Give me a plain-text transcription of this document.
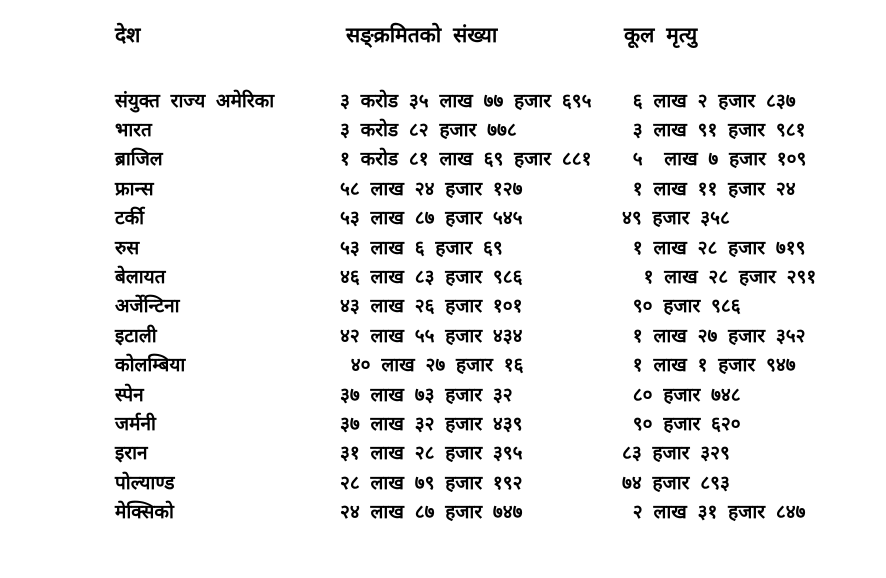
देश	सङ्क्रमितको संख्या	कूल मृत्यु
संयुक्त राज्य अमेरिका	३ करोड ३५ लाख ७७ हजार ६९५	६ लाख २ हजार ८३७
भारत	३ करोड ८२ हजार ७७८	३ लाख ९१ हजार ९८१
ब्राजिल	१ करोड ८१ लाख ६९ हजार ८८१	५  लाख ७ हजार १०९
फ्रान्स	५८ लाख २४ हजार १२७	१ लाख ११ हजार २४
टर्की	५३ लाख ८७ हजार ५४५	४९ हजार ३५८
रुस	५३ लाख ६ हजार ६९	१ लाख २८ हजार ७१९
बेलायत	४६ लाख ८३ हजार ९८६	१ लाख २८ हजार २९१
अर्जेन्टिना	४३ लाख २६ हजार १०१	९० हजार ९८६
इटाली	४२ लाख ५५ हजार ४३४	१ लाख २७ हजार ३५२
कोलम्बिया	४० लाख २७ हजार १६	१ लाख १ हजार ९४७
स्पेन	३७ लाख ७३ हजार ३२	८० हजार ७४८
जर्मनी	३७ लाख ३२ हजार ४३९	९० हजार ६२०
इरान	३१ लाख २८ हजार ३९५	८३ हजार ३२९
पोल्याण्ड	२८ लाख ७९ हजार १९२	७४ हजार ८९३
मेक्सिको	२४ लाख ८७ हजार ७४७	२ लाख ३१ हजार ८४७
